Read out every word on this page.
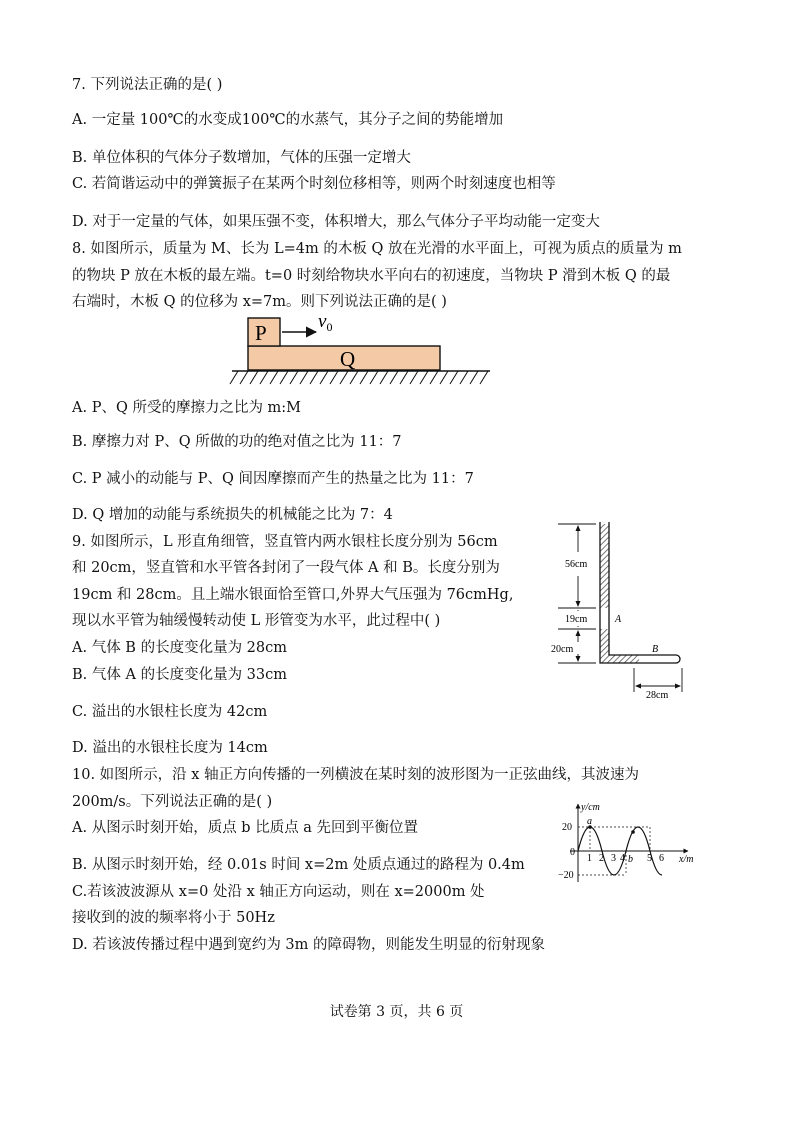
7. 下列说法正确的是( )
A. 一定量 100℃的水变成100℃的水蒸气，其分子之间的势能增加
B. 单位体积的气体分子数增加，气体的压强一定增大
C. 若简谐运动中的弹簧振子在某两个时刻位移相等，则两个时刻速度也相等
D. 对于一定量的气体，如果压强不变，体积增大，那么气体分子平均动能一定变大
8. 如图所示，质量为 M、长为 L=4m 的木板 Q 放在光滑的水平面上，可视为质点的质量为 m
的物块 P 放在木板的最左端。t=0 时刻给物块水平向右的初速度，当物块 P 滑到木板 Q 的最
右端时，木板 Q 的位移为 x=7m。则下列说法正确的是( )
P
Q
$v_0$
A. P、Q 所受的摩擦力之比为 m:M
B. 摩擦力对 P、Q 所做的功的绝对值之比为 11：7
C. P 减小的动能与 P、Q 间因摩擦而产生的热量之比为 11：7
D. Q 增加的动能与系统损失的机械能之比为 7：4
9. 如图所示，L 形直角细管，竖直管内两水银柱长度分别为 56cm
和 20cm，竖直管和水平管各封闭了一段气体 A 和 B。长度分别为
19cm 和 28cm。且上端水银面恰至管口,外界大气压强为 76cmHg,
现以水平管为轴缓慢转动使 L 形管变为水平，此过程中( )
56cm
19cm
20cm
28cm
A
B
A. 气体 B 的长度变化量为 28cm
B. 气体 A 的长度变化量为 33cm
C. 溢出的水银柱长度为 42cm
D. 溢出的水银柱长度为 14cm
10. 如图所示，沿 x 轴正方向传播的一列横波在某时刻的波形图为一正弦曲线，其波速为
200m/s。下列说法正确的是( )
a
b
y/cm
x/m
20
0
−20
1 2 3 4 5 6
A. 从图示时刻开始，质点 b 比质点 a 先回到平衡位置
B. 从图示时刻开始，经 0.01s 时间 x=2m 处质点通过的路程为 0.4m
C.若该波波源从 x=0 处沿 x 轴正方向运动，则在 x=2000m 处
接收到的波的频率将小于 50Hz
D. 若该波传播过程中遇到宽约为 3m 的障碍物，则能发生明显的衍射现象
试卷第 3 页，共 6 页
